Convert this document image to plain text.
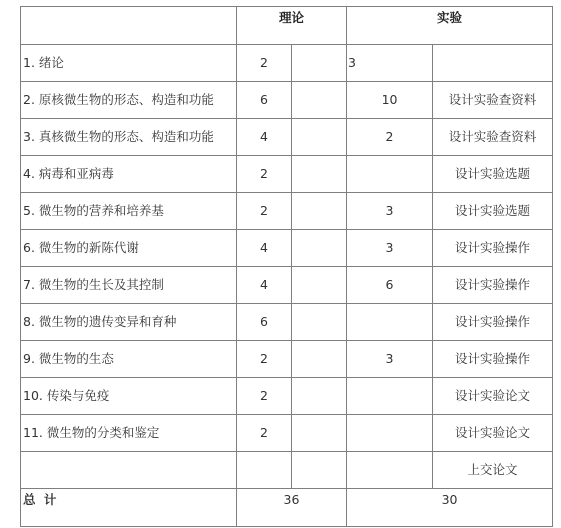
	理论		实验	
1. 绪论	2		3	
2. 原核微生物的形态、构造和功能	6		10	设计实验查资料
3. 真核微生物的形态、构造和功能	4		2	设计实验查资料
4. 病毒和亚病毒	2			设计实验选题
5. 微生物的营养和培养基	2		3	设计实验选题
6. 微生物的新陈代谢	4		3	设计实验操作
7. 微生物的生长及其控制	4		6	设计实验操作
8. 微生物的遗传变异和育种	6			设计实验操作
9. 微生物的生态	2		3	设计实验操作
10. 传染与免疫	2			设计实验论文
11. 微生物的分类和鉴定	2			设计实验论文
				上交论文
总 计	36		30	
